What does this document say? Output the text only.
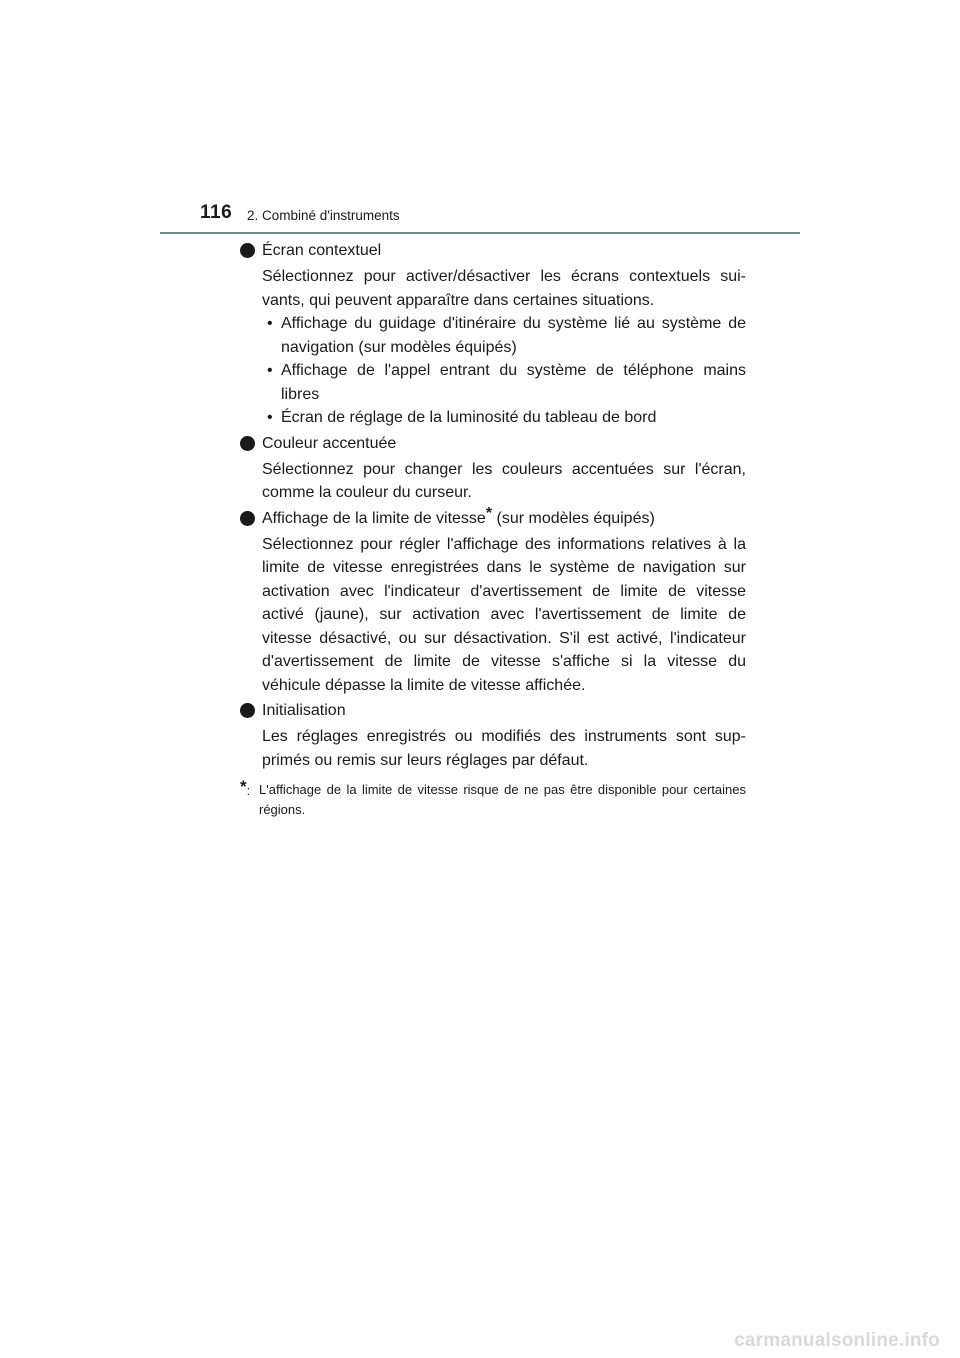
116 2. Combiné d'instruments
Écran contextuel
Sélectionnez pour activer/désactiver les écrans contextuels sui-vants, qui peuvent apparaître dans certaines situations.
• Affichage du guidage d'itinéraire du système lié au système de navigation (sur modèles équipés)
• Affichage de l'appel entrant du système de téléphone mains libres
• Écran de réglage de la luminosité du tableau de bord
Couleur accentuée
Sélectionnez pour changer les couleurs accentuées sur l'écran, comme la couleur du curseur.
Affichage de la limite de vitesse* (sur modèles équipés)
Sélectionnez pour régler l'affichage des informations relatives à la limite de vitesse enregistrées dans le système de navigation sur activation avec l'indicateur d'avertissement de limite de vitesse activé (jaune), sur activation avec l'avertissement de limite de vitesse désactivé, ou sur désactivation. S'il est activé, l'indicateur d'avertissement de limite de vitesse s'affiche si la vitesse du véhicule dépasse la limite de vitesse affichée.
Initialisation
Les réglages enregistrés ou modifiés des instruments sont sup-primés ou remis sur leurs réglages par défaut.
*: L'affichage de la limite de vitesse risque de ne pas être disponible pour certaines régions.
carmanualsonline.info
